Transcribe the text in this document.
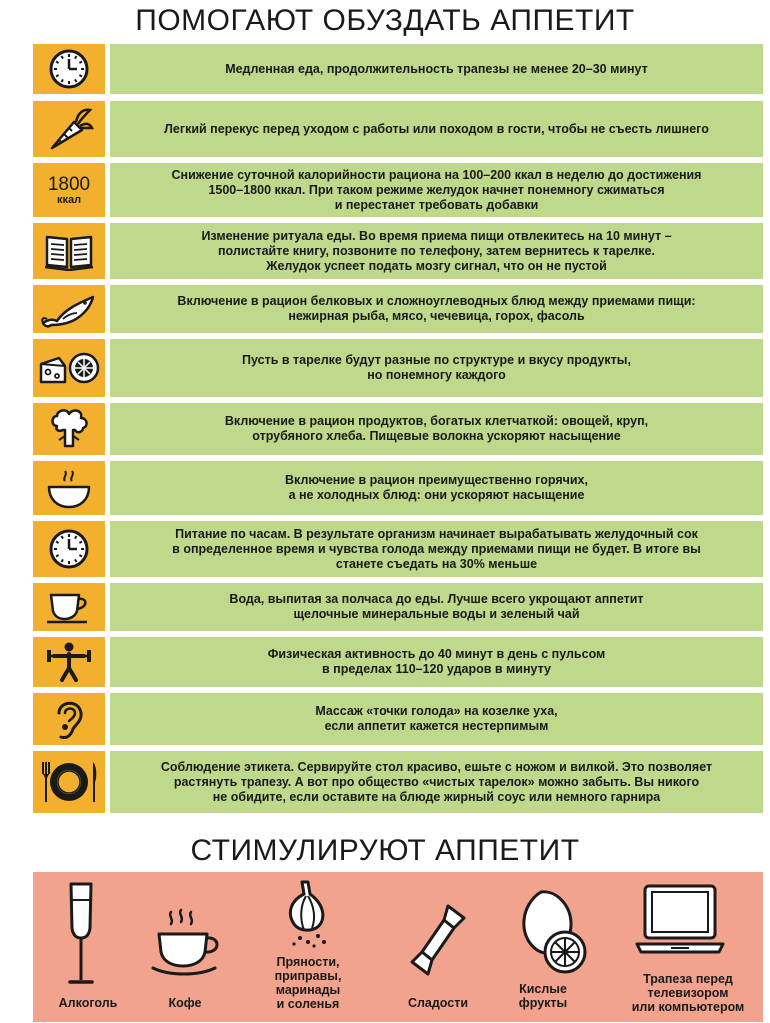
ПОМОГАЮТ ОБУЗДАТЬ АППЕТИТ
Медленная еда, продолжительность трапезы не менее 20–30 минут
Легкий перекус перед уходом с работы или походом в гости, чтобы не съесть лишнего
1800
ккал
Снижение суточной калорийности рациона на 100–200 ккал в неделю до достижения
1500–1800 ккал. При таком режиме желудок начнет понемногу сжиматься
и перестанет требовать добавки
Изменение ритуала еды. Во время приема пищи отвлекитесь на 10 минут –
полистайте книгу, позвоните по телефону, затем вернитесь к тарелке.
Желудок успеет подать мозгу сигнал, что он не пустой
Включение в рацион белковых и сложноуглеводных блюд между приемами пищи:
нежирная рыба, мясо, чечевица, горох, фасоль
Пусть в тарелке будут разные по структуре и вкусу продукты,
но понемногу каждого
Включение в рацион продуктов, богатых клетчаткой: овощей, круп,
отрубяного хлеба. Пищевые волокна ускоряют насыщение
Включение в рацион преимущественно горячих,
а не холодных блюд: они ускоряют насыщение
Питание по часам. В результате организм начинает вырабатывать желудочный сок
в определенное время и чувства голода между приемами пищи не будет. В итоге вы
станете съедать на 30% меньше
Вода, выпитая за полчаса до еды. Лучше всего укрощают аппетит
щелочные минеральные воды и зеленый чай
Физическая активность до 40 минут в день с пульсом
в пределах 110–120 ударов в минуту
Массаж «точки голода» на козелке уха,
если аппетит кажется нестерпимым
Соблюдение этикета. Сервируйте стол красиво, ешьте с ножом и вилкой. Это позволяет
растянуть трапезу. А вот про общество «чистых тарелок» можно забыть. Вы никого
не обидите, если оставите на блюде жирный соус или немного гарнира
СТИМУЛИРУЮТ АППЕТИТ
Алкоголь	Кофе
Пряности,
приправы,
маринады
и соленья	Сладости
Кислые
фрукты
Трапеза перед
телевизором
или компьютером
